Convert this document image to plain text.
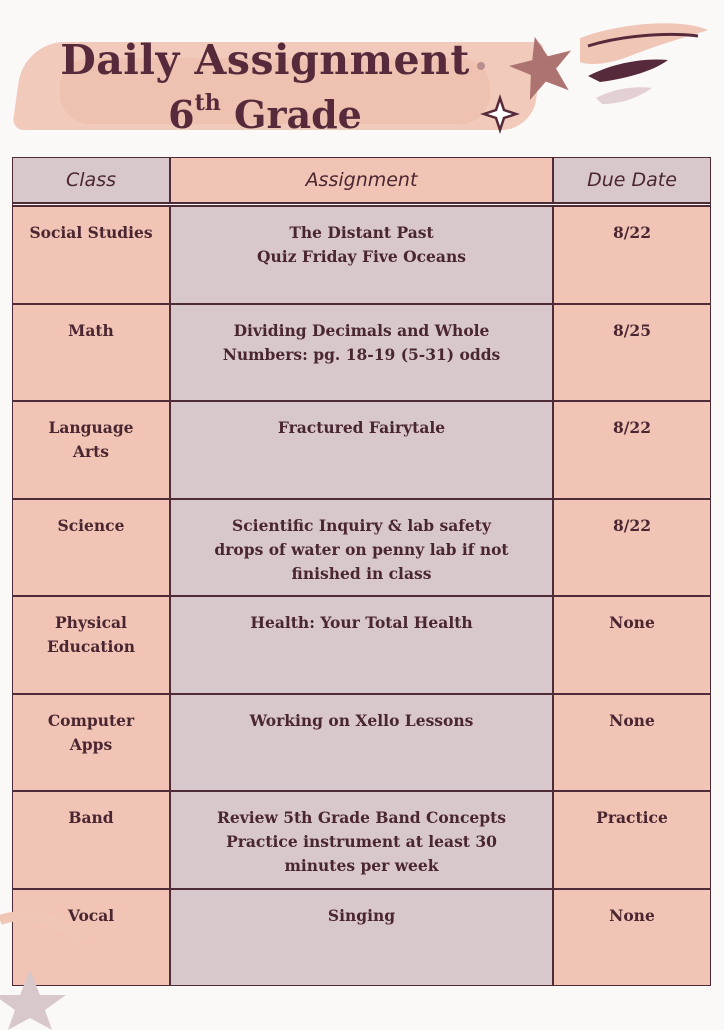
Daily Assignment
6th Grade
Class	Assignment	Due Date

Social Studies	The Distant Past
Quiz Friday Five Oceans	8/22

Math	Dividing Decimals and Whole
Numbers: pg. 18-19 (5-31) odds	8/25

Language
Arts	Fractured Fairytale	8/22

Science	Scientific Inquiry & lab safety
drops of water on penny lab if not
finished in class	8/22

Physical
Education	Health: Your Total Health	None

Computer
Apps	Working on Xello Lessons	None

Band	Review 5th Grade Band Concepts
Practice instrument at least 30
minutes per week	Practice

Vocal	Singing	None
